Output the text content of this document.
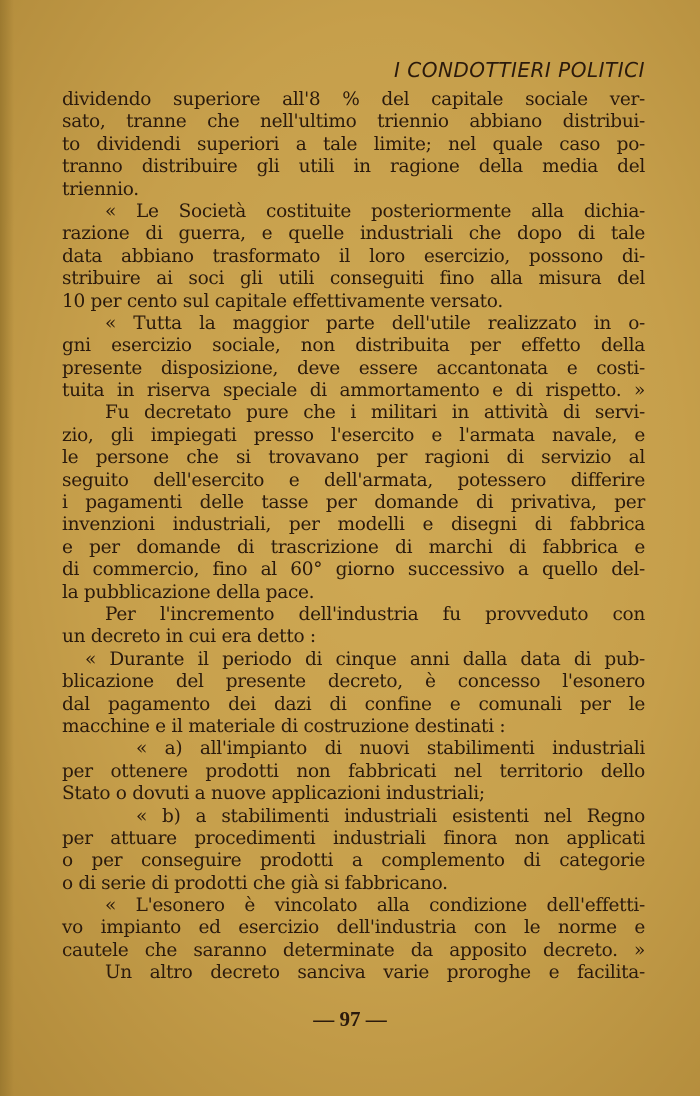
I CONDOTTIERI POLITICI
dividendo superiore all'8 % del capitale sociale ver-
sato, tranne che nell'ultimo triennio abbiano distribui-
to dividendi superiori a tale limite; nel quale caso po-
tranno distribuire gli utili in ragione della media del
triennio.
« Le Società costituite posteriormente alla dichia-
razione di guerra, e quelle industriali che dopo di tale
data abbiano trasformato il loro esercizio, possono di-
stribuire ai soci gli utili conseguiti fino alla misura del
10 per cento sul capitale effettivamente versato.
« Tutta la maggior parte dell'utile realizzato in o-
gni esercizio sociale, non distribuita per effetto della
presente disposizione, deve essere accantonata e costi-
tuita in riserva speciale di ammortamento e di rispetto. »
Fu decretato pure che i militari in attività di servi-
zio, gli impiegati presso l'esercito e l'armata navale, e
le persone che si trovavano per ragioni di servizio al
seguito dell'esercito e dell'armata, potessero differire
i pagamenti delle tasse per domande di privativa, per
invenzioni industriali, per modelli e disegni di fabbrica
e per domande di trascrizione di marchi di fabbrica e
di commercio, fino al 60° giorno successivo a quello del-
la pubblicazione della pace.
Per l'incremento dell'industria fu provveduto con
un decreto in cui era detto :
« Durante il periodo di cinque anni dalla data di pub-
blicazione del presente decreto, è concesso l'esonero
dal pagamento dei dazi di confine e comunali per le
macchine e il materiale di costruzione destinati :
« a) all'impianto di nuovi stabilimenti industriali
per ottenere prodotti non fabbricati nel territorio dello
Stato o dovuti a nuove applicazioni industriali;
« b) a stabilimenti industriali esistenti nel Regno
per attuare procedimenti industriali finora non applicati
o per conseguire prodotti a complemento di categorie
o di serie di prodotti che già si fabbricano.
« L'esonero è vincolato alla condizione dell'effetti-
vo impianto ed esercizio dell'industria con le norme e
cautele che saranno determinate da apposito decreto. »
Un altro decreto sanciva varie proroghe e facilita-
— 97 —
